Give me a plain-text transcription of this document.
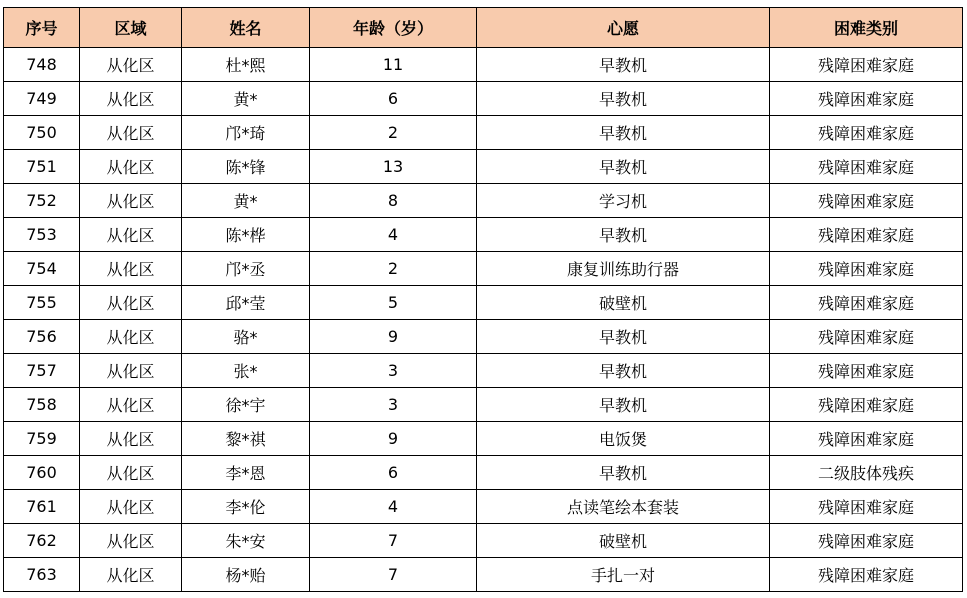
序号	区域	姓名	年龄（岁）	心愿	困难类别
748	从化区	杜*熙	11	早教机	残障困难家庭
749	从化区	黄*	6	早教机	残障困难家庭
750	从化区	邝*琦	2	早教机	残障困难家庭
751	从化区	陈*锋	13	早教机	残障困难家庭
752	从化区	黄*	8	学习机	残障困难家庭
753	从化区	陈*桦	4	早教机	残障困难家庭
754	从化区	邝*丞	2	康复训练助行器	残障困难家庭
755	从化区	邱*莹	5	破壁机	残障困难家庭
756	从化区	骆*	9	早教机	残障困难家庭
757	从化区	张*	3	早教机	残障困难家庭
758	从化区	徐*宇	3	早教机	残障困难家庭
759	从化区	黎*祺	9	电饭煲	残障困难家庭
760	从化区	李*恩	6	早教机	二级肢体残疾
761	从化区	李*伦	4	点读笔绘本套装	残障困难家庭
762	从化区	朱*安	7	破壁机	残障困难家庭
763	从化区	杨*贻	7	手扎一对	残障困难家庭
